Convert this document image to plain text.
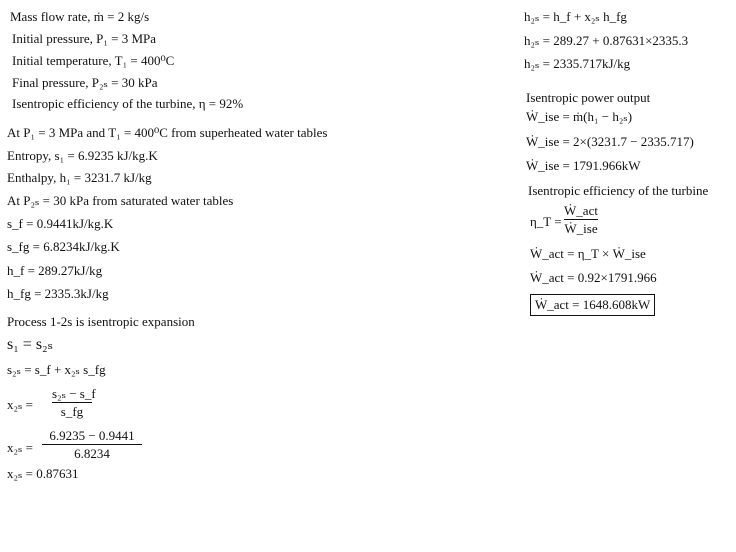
Mass flow rate, ṁ = 2 kg/s
Initial pressure, P₁ = 3 MPa
Initial temperature, T₁ = 400⁰C
Final pressure, P₂ₛ = 30 kPa
Isentropic efficiency of the turbine, η = 92%
At P₁ = 3 MPa and T₁ = 400⁰C from superheated water tables
Entropy, s₁ = 6.9235 kJ/kg.K
Enthalpy, h₁ = 3231.7 kJ/kg
At P₂ₛ = 30 kPa from saturated water tables
s_f = 0.9441kJ/kg.K
s_fg = 6.8234kJ/kg.K
h_f = 289.27kJ/kg
h_fg = 2335.3kJ/kg
Process 1-2s is isentropic expansion
s₁ = s₂ₛ
s₂ₛ = s_f + x₂ₛ s_fg
x₂ₛ =
s₂ₛ − s_f
s_fg
x₂ₛ =
6.9235 − 0.9441
6.8234
x₂ₛ = 0.87631
h₂ₛ = h_f + x₂ₛ h_fg
h₂ₛ = 289.27 + 0.87631×2335.3
h₂ₛ = 2335.717kJ/kg
Isentropic power output
Ẇ_ise = ṁ(h₁ − h₂ₛ)
Ẇ_ise = 2×(3231.7 − 2335.717)
Ẇ_ise = 1791.966kW
Isentropic efficiency of the turbine
η_T =
Ẇ_act
Ẇ_ise
Ẇ_act = η_T × Ẇ_ise
Ẇ_act = 0.92×1791.966
Ẇ_act = 1648.608kW
